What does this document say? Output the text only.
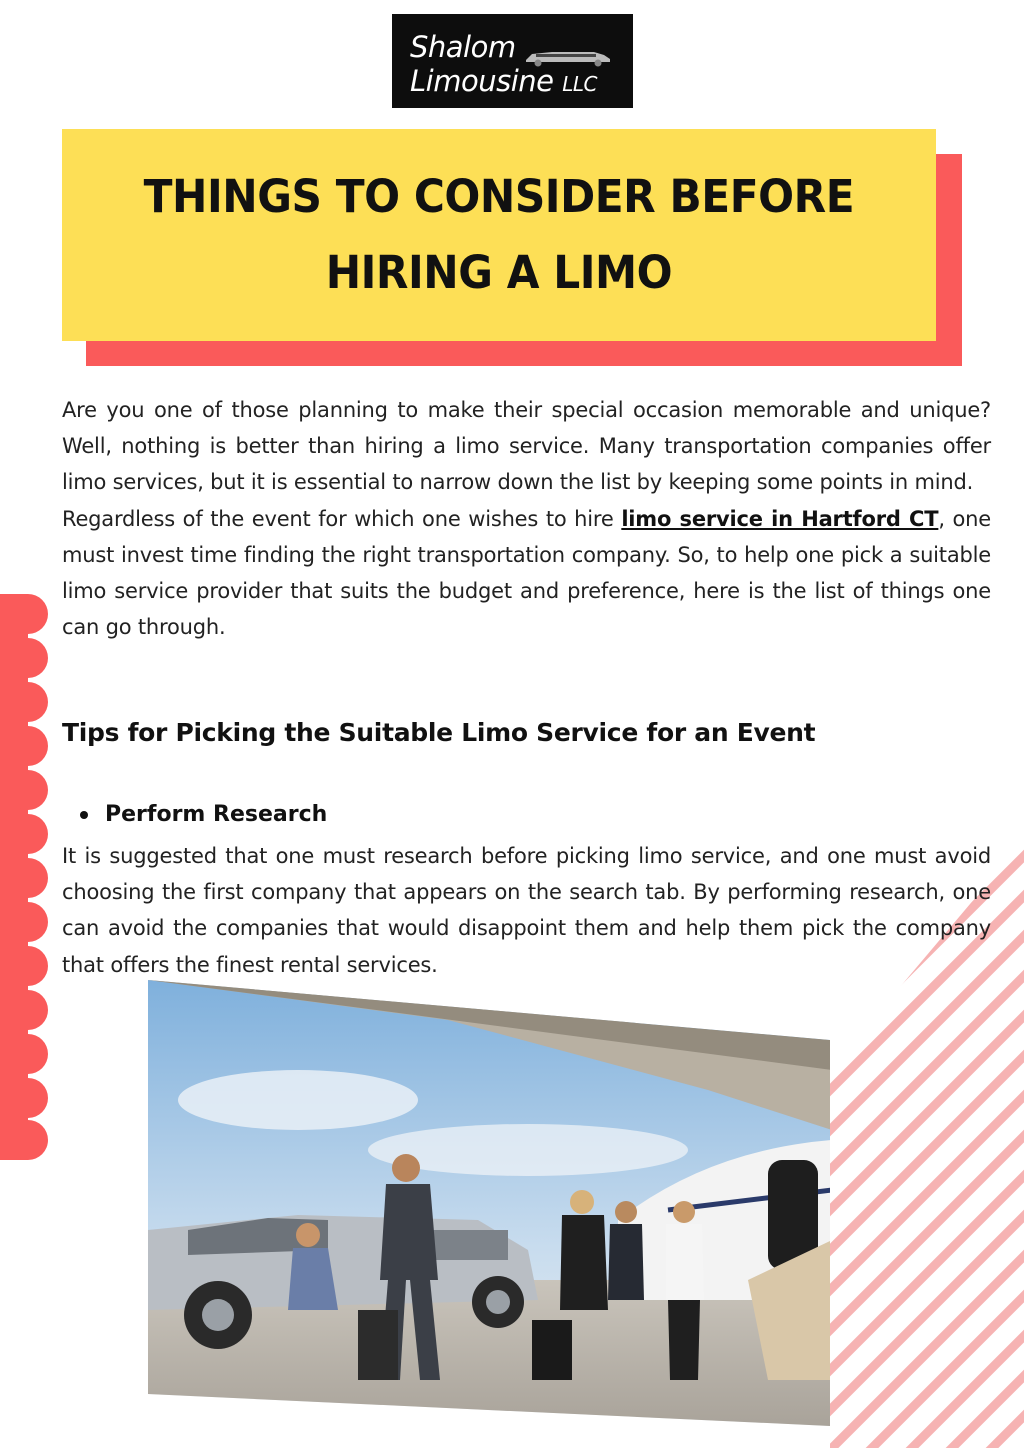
Shalom
Limousine LLC
THINGS TO CONSIDER BEFORE
HIRING A LIMO

Are you one of those planning to make their special occasion memorable and unique? Well, nothing is better than hiring a limo service. Many transportation companies offer limo services, but it is essential to narrow down the list by keeping some points in mind.

Regardless of the event for which one wishes to hire limo service in Hartford CT, one must invest time finding the right transportation company. So, to help one pick a suitable limo service provider that suits the budget and preference, here is the list of things one can go through.

Tips for Picking the Suitable Limo Service for an Event
Perform Research

It is suggested that one must research before picking limo service, and one must avoid choosing the first company that appears on the search tab. By performing research, one can avoid the companies that would disappoint them and help them pick the company that offers the finest rental services.
